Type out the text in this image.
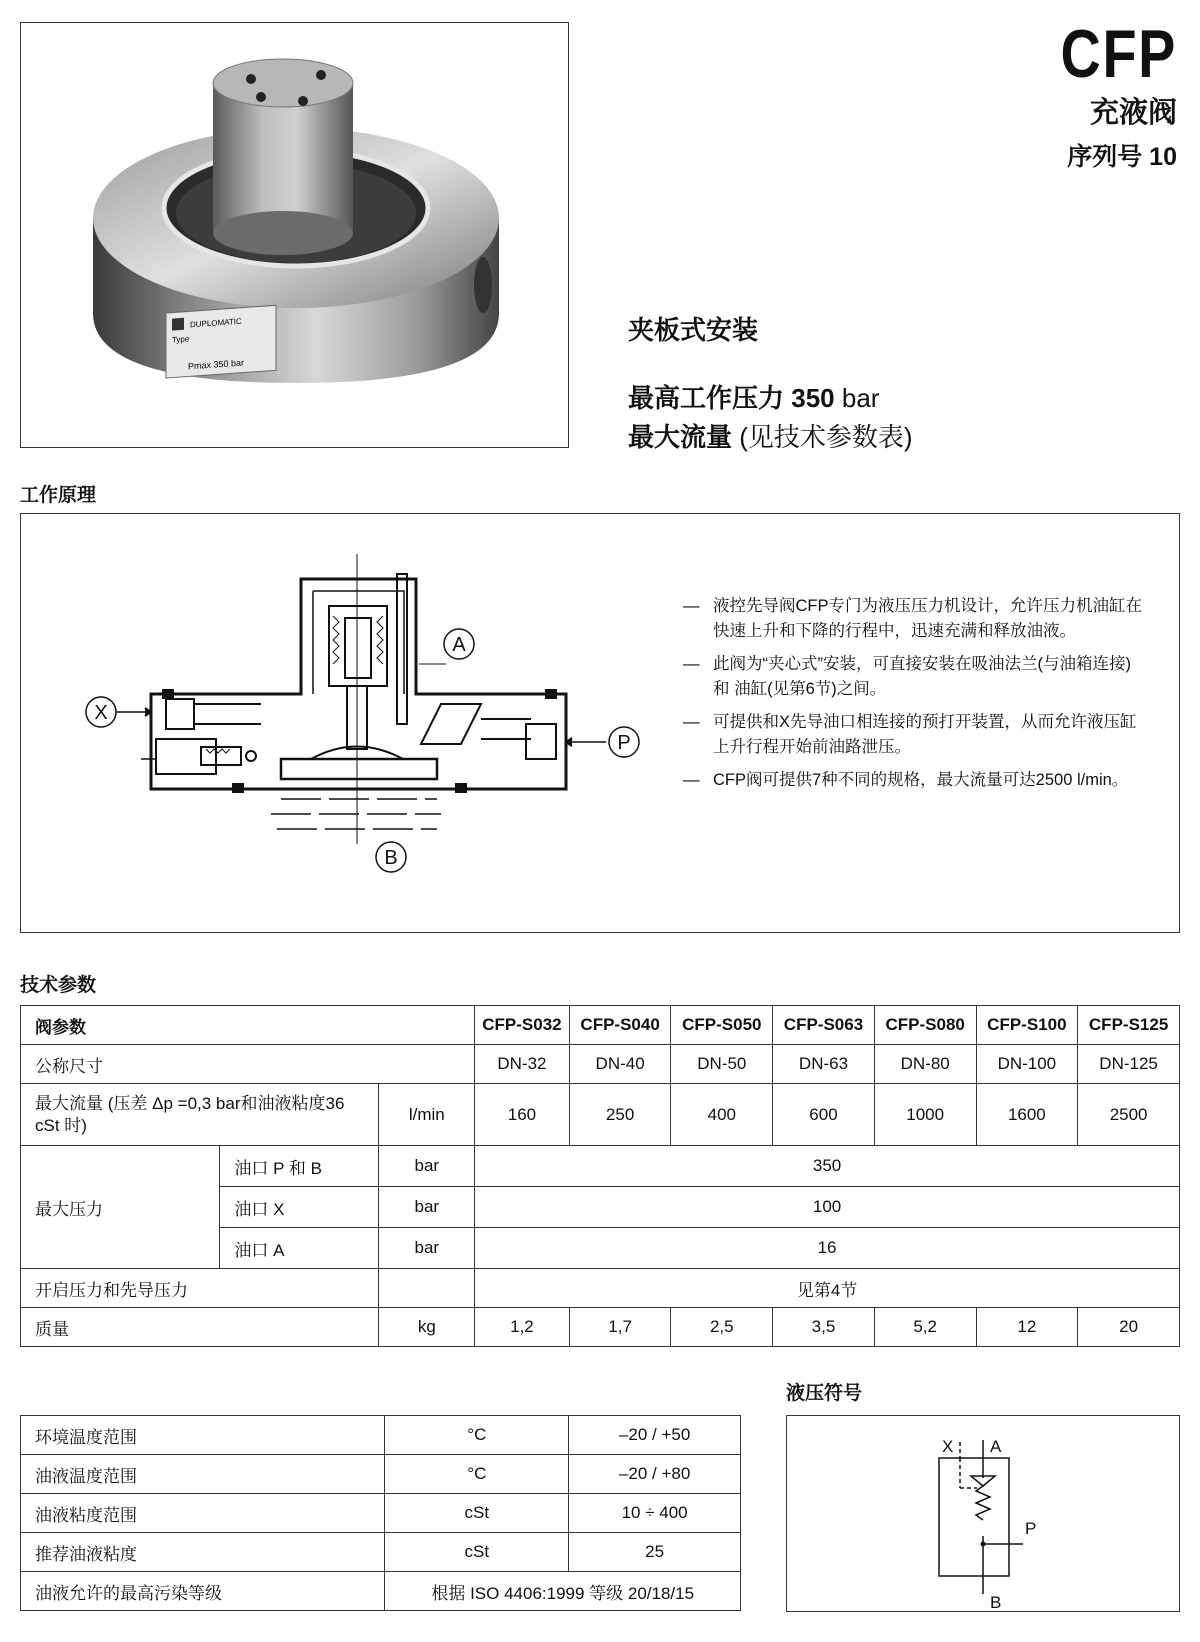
DUPLOMATIC
Type
Pmax 350 bar
CFP
充液阀
序列号 10
夹板式安装
最高工作压力 350 bar
最大流量 (见技术参数表)
工作原理
X
A
P
B
— 液控先导阀CFP专门为液压压力机设计，允许压力机油缸在快速上升和下降的行程中，迅速充满和释放油液。
— 此阀为“夹心式”安装，可直接安装在吸油法兰(与油箱连接)和 油缸(见第6节)之间。
— 可提供和X先导油口相连接的预打开装置，从而允许液压缸上升行程开始前油路泄压。
— CFP阀可提供7种不同的规格，最大流量可达2500 l/min。
技术参数
阀参数			CFP-S032	CFP-S040	CFP-S050	CFP-S063	CFP-S080	CFP-S100	CFP-S125
公称尺寸			DN-32	DN-40	DN-50	DN-63	DN-80	DN-100	DN-125
最大流量 (压差 Δp =0,3 bar和油液粘度36 cSt 时)		l/min	160	250	400	600	1000	1600	2500
最大压力	油口 P 和 B	bar	350						
	油口 X	bar	100						
	油口 A	bar	16						
开启压力和先导压力			见第4节						
质量		kg	1,2	1,7	2,5	3,5	5,2	12	20
环境温度范围	°C	–20 / +50
油液温度范围	°C	–20 / +80
油液粘度范围	cSt	10 ÷ 400
推荐油液粘度	cSt	25
油液允许的最高污染等级	根据 ISO 4406:1999 等级 20/18/15	
液压符号
X A
P
B
